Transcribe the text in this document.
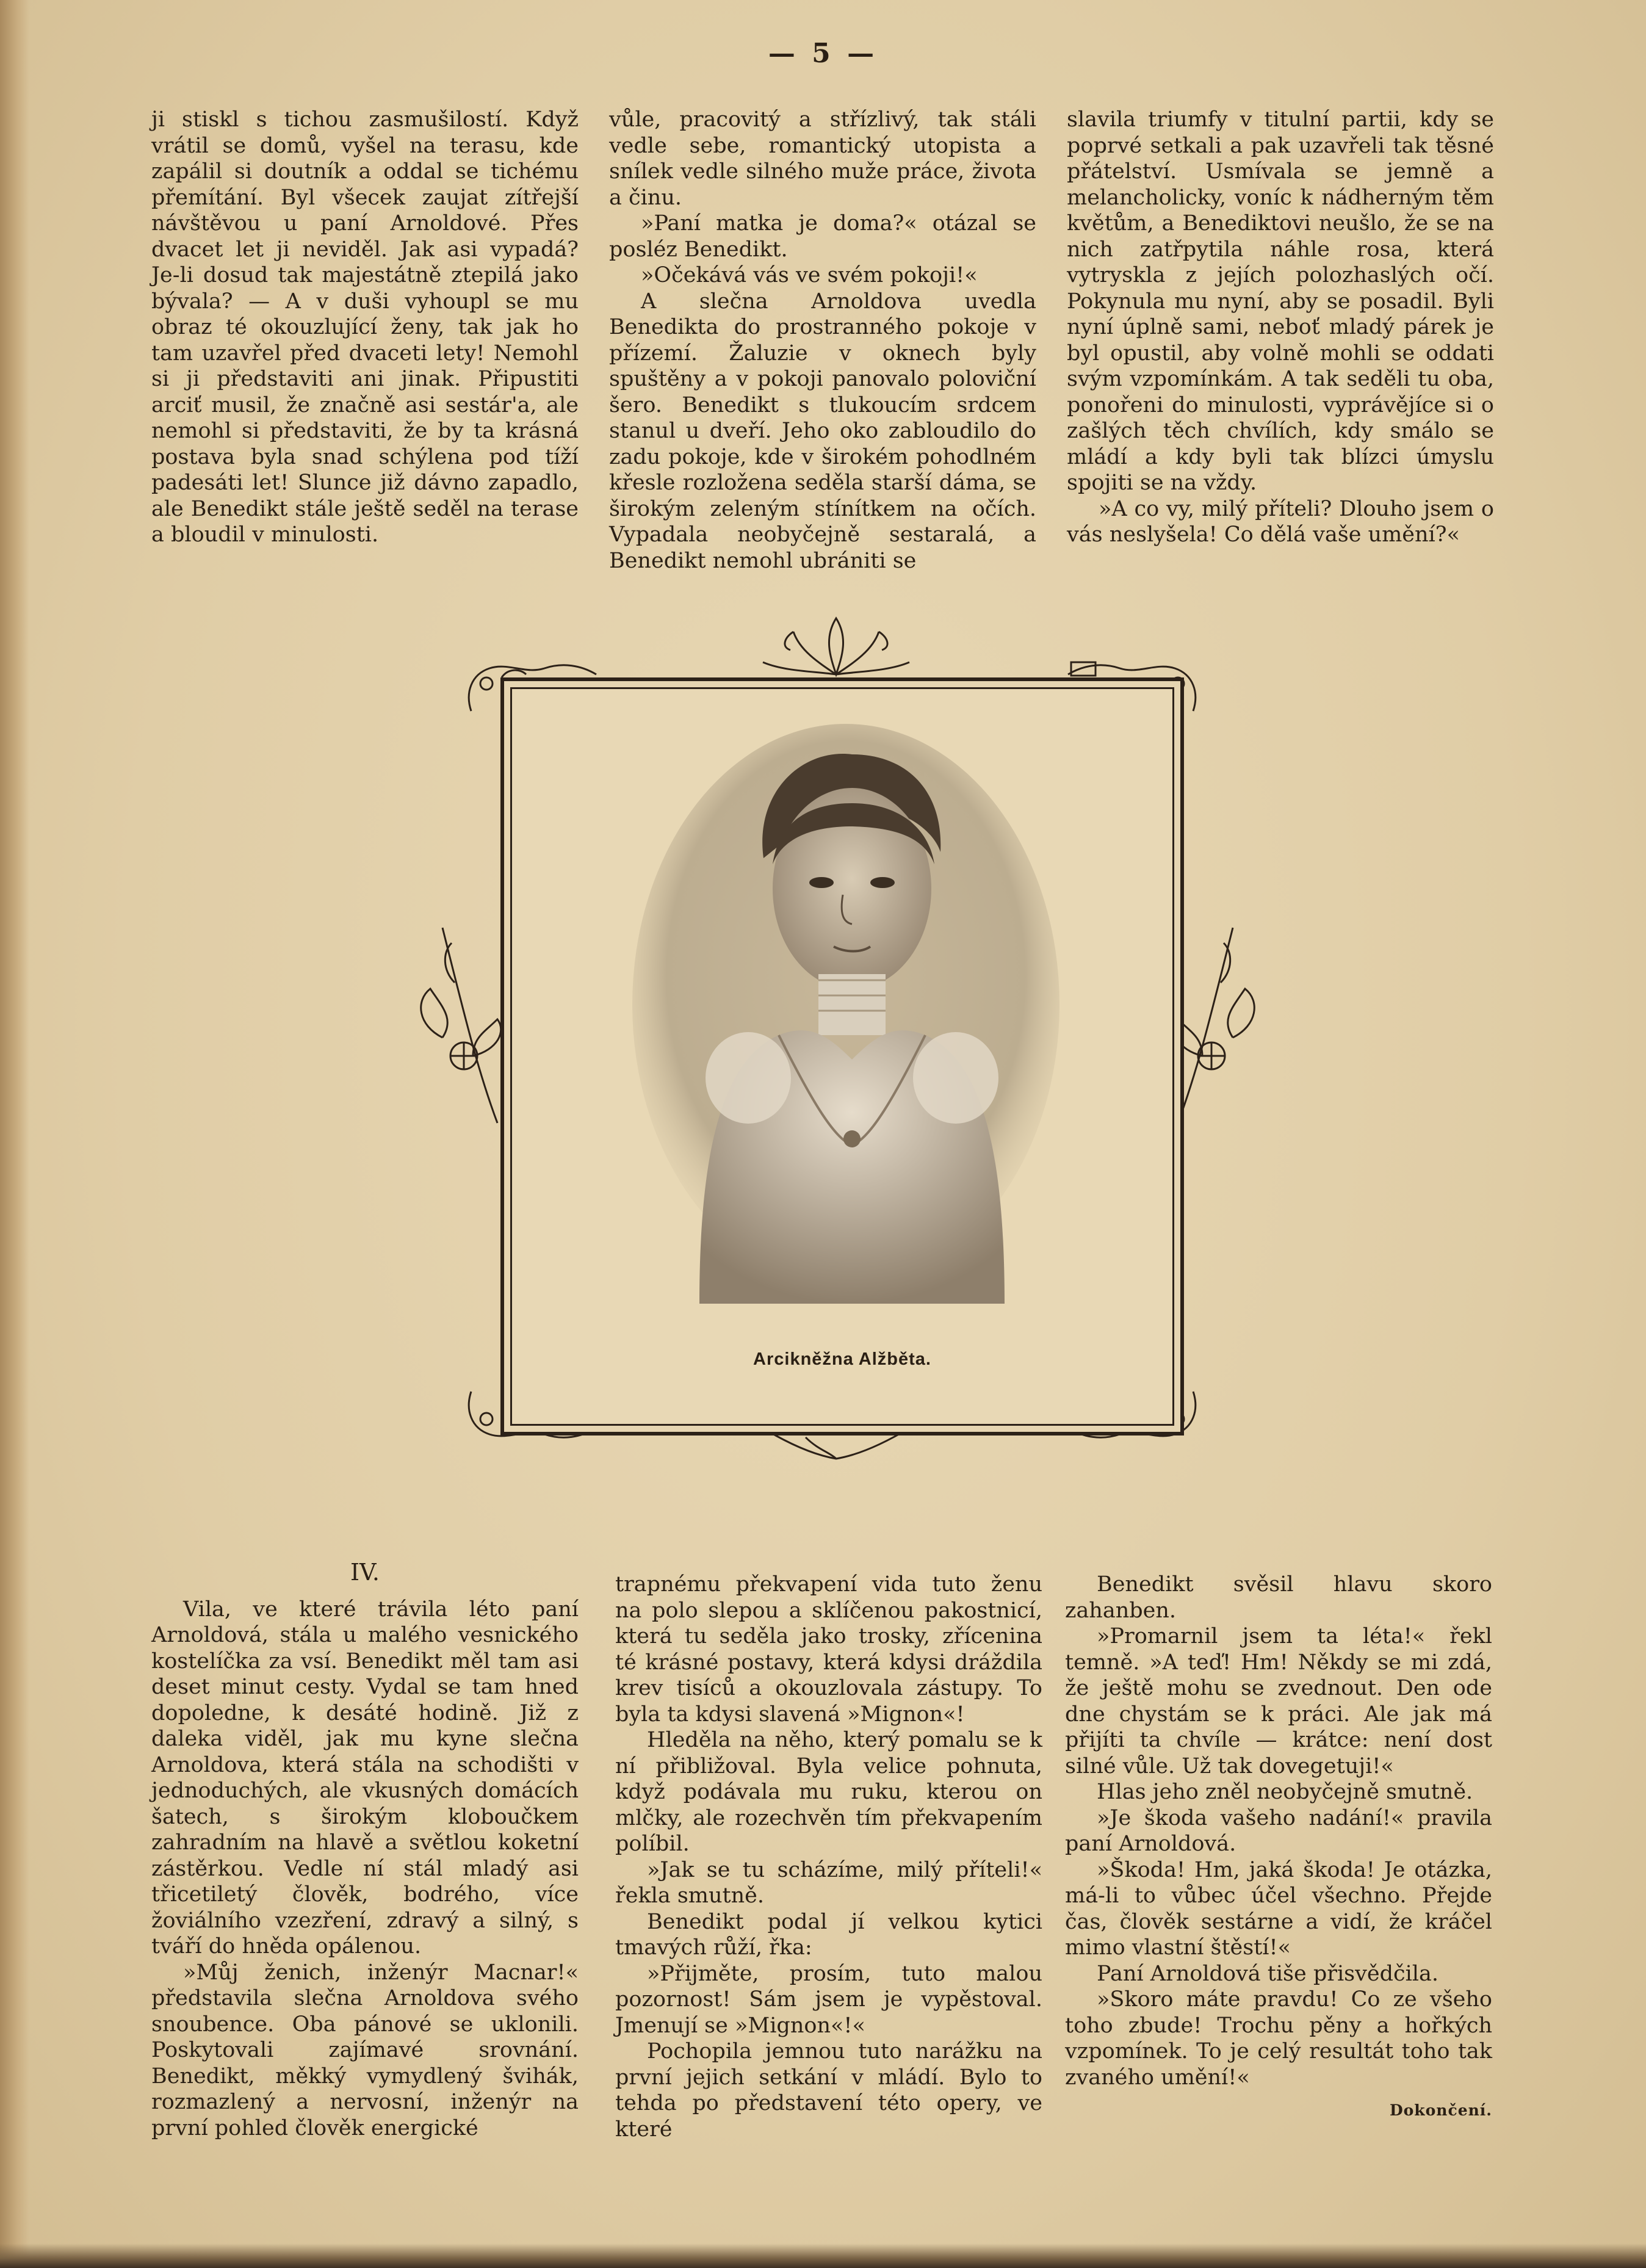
— 5 —

ji stiskl s tichou zasmušilostí. Když vrátil se domů, vyšel na terasu, kde zapálil si doutník a oddal se tichému přemítání. Byl všecek zaujat zítřejší návštěvou u paní Arnoldové. Přes dvacet let ji neviděl. Jak asi vypadá? Je-li dosud tak majestátně ztepilá jako bývala? — A v duši vyhoupl se mu obraz té okouzlující ženy, tak jak ho tam uzavřel před dvaceti lety! Nemohl si ji představiti ani jinak. Připustiti arciť musil, že značně asi sestár'a, ale nemohl si představiti, že by ta krásná postava byla snad schýlena pod tíží padesáti let! Slunce již dávno zapadlo, ale Benedikt stále ještě seděl na terase a bloudil v minulosti.

vůle, pracovitý a střízlivý, tak stáli vedle sebe, romantický utopista a snílek vedle silného muže práce, života a činu.

»Paní matka je doma?« otázal se posléz Benedikt.

»Očekává vás ve svém pokoji!«

A slečna Arnoldova uvedla Benedikta do prostranného pokoje v přízemí. Žaluzie v oknech byly spuštěny a v pokoji panovalo poloviční šero. Benedikt s tlukoucím srdcem stanul u dveří. Jeho oko zabloudilo do zadu pokoje, kde v širokém pohodlném křesle rozložena seděla starší dáma, se širokým zeleným stínítkem na očích. Vypadala neobyčejně sestaralá, a Benedikt nemohl ubrániti se

slavila triumfy v titulní partii, kdy se poprvé setkali a pak uzavřeli tak těsné přátelství. Usmívala se jemně a melancholicky, voníc k nádherným těm květům, a Benediktovi neušlo, že se na nich zatřpytila náhle rosa, která vytryskla z jejích polozhaslých očí. Pokynula mu nyní, aby se posadil. Byli nyní úplně sami, neboť mladý párek je byl opustil, aby volně mohli se oddati svým vzpomínkám. A tak seděli tu oba, ponořeni do minulosti, vyprávějíce si o zašlých těch chvílích, kdy smálo se mládí a kdy byli tak blízci úmyslu spojiti se na vždy.

»A co vy, milý příteli? Dlouho jsem o vás neslyšela! Co dělá vaše umění?«

Arcikněžna Alžběta.

IV.

Vila, ve které trávila léto paní Arnoldová, stála u malého vesnického kostelíčka za vsí. Benedikt měl tam asi deset minut cesty. Vydal se tam hned dopoledne, k desáté hodině. Již z daleka viděl, jak mu kyne slečna Arnoldova, která stála na schodišti v jednoduchých, ale vkusných domácích šatech, s širokým kloboučkem zahradním na hlavě a světlou koketní zástěrkou. Vedle ní stál mladý asi třicetiletý člověk, bodrého, více žoviálního vzezření, zdravý a silný, s tváří do hněda opálenou.

»Můj ženich, inženýr Macnar!« představila slečna Arnoldova svého snoubence. Oba pánové se uklonili. Poskytovali zajímavé srovnání. Benedikt, měkký vymydlený švihák, rozmazlený a nervosní, inženýr na první pohled člověk energické

trapnému překvapení vida tuto ženu na polo slepou a sklíčenou pakostnicí, která tu seděla jako trosky, zřícenina té krásné postavy, která kdysi dráždila krev tisíců a okouzlovala zástupy. To byla ta kdysi slavená »Mignon«!

Hleděla na něho, který pomalu se k ní přibližoval. Byla velice pohnuta, když podávala mu ruku, kterou on mlčky, ale rozechvěn tím překvapením políbil.

»Jak se tu scházíme, milý příteli!« řekla smutně.

Benedikt podal jí velkou kytici tmavých růží, řka:

»Přijměte, prosím, tuto malou pozornost! Sám jsem je vypěstoval. Jmenují se »Mignon«!«

Pochopila jemnou tuto narážku na první jejich setkání v mládí. Bylo to tehda po představení této opery, ve které

Benedikt svěsil hlavu skoro zahanben.

»Promarnil jsem ta léta!« řekl temně. »A teď! Hm! Někdy se mi zdá, že ještě mohu se zvednout. Den ode dne chystám se k práci. Ale jak má přijíti ta chvíle — krátce: není dost silné vůle. Už tak dovegetuji!«

Hlas jeho zněl neobyčejně smutně.

»Je škoda vašeho nadání!« pravila paní Arnoldová.

»Škoda! Hm, jaká škoda! Je otázka, má-li to vůbec účel všechno. Přejde čas, člověk sestárne a vidí, že kráčel mimo vlastní štěstí!«

Paní Arnoldová tiše přisvědčila.

»Skoro máte pravdu! Co ze všeho toho zbude! Trochu pěny a hořkých vzpomínek. To je celý resultát toho tak zvaného umění!«

Dokončení.
